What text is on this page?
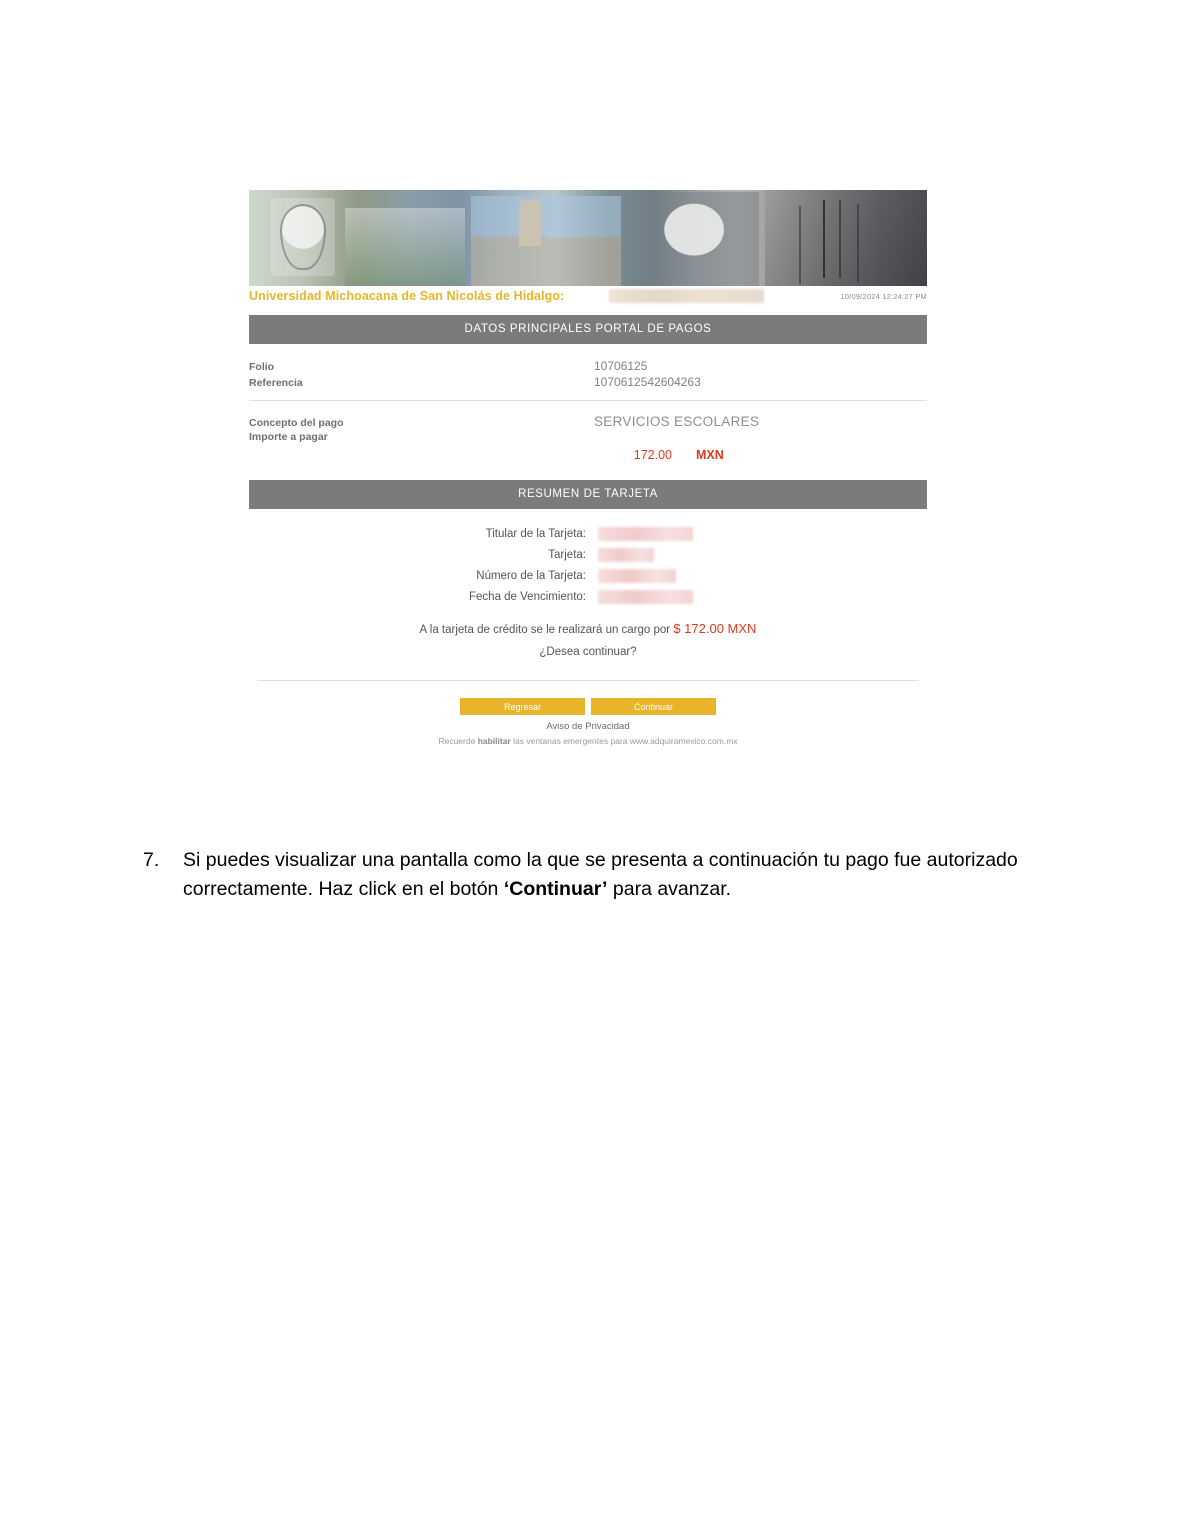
Universidad Michoacana de San Nicolás de Hidalgo:	10/09/2024 12:24:27 PM
DATOS PRINCIPALES PORTAL DE PAGOS
Folio	10706125
Referencia	1070612542604263
Concepto del pago	SERVICIOS ESCOLARES
Importe a pagar
172.00 MXN
RESUMEN DE TARJETA
Titular de la Tarjeta:
Tarjeta:
Número de la Tarjeta:
Fecha de Vencimiento:
A la tarjeta de crédito se le realizará un cargo por $ 172.00 MXN
¿Desea continuar?
Regresar	Continuar
Aviso de Privacidad
Recuerde habilitar las ventanas emergentes para www.adquiramexico.com.mx
7.	Si puedes visualizar una pantalla como la que se presenta a continuación tu pago fue autorizado correctamente. Haz click en el botón ‘Continuar’ para avanzar.
